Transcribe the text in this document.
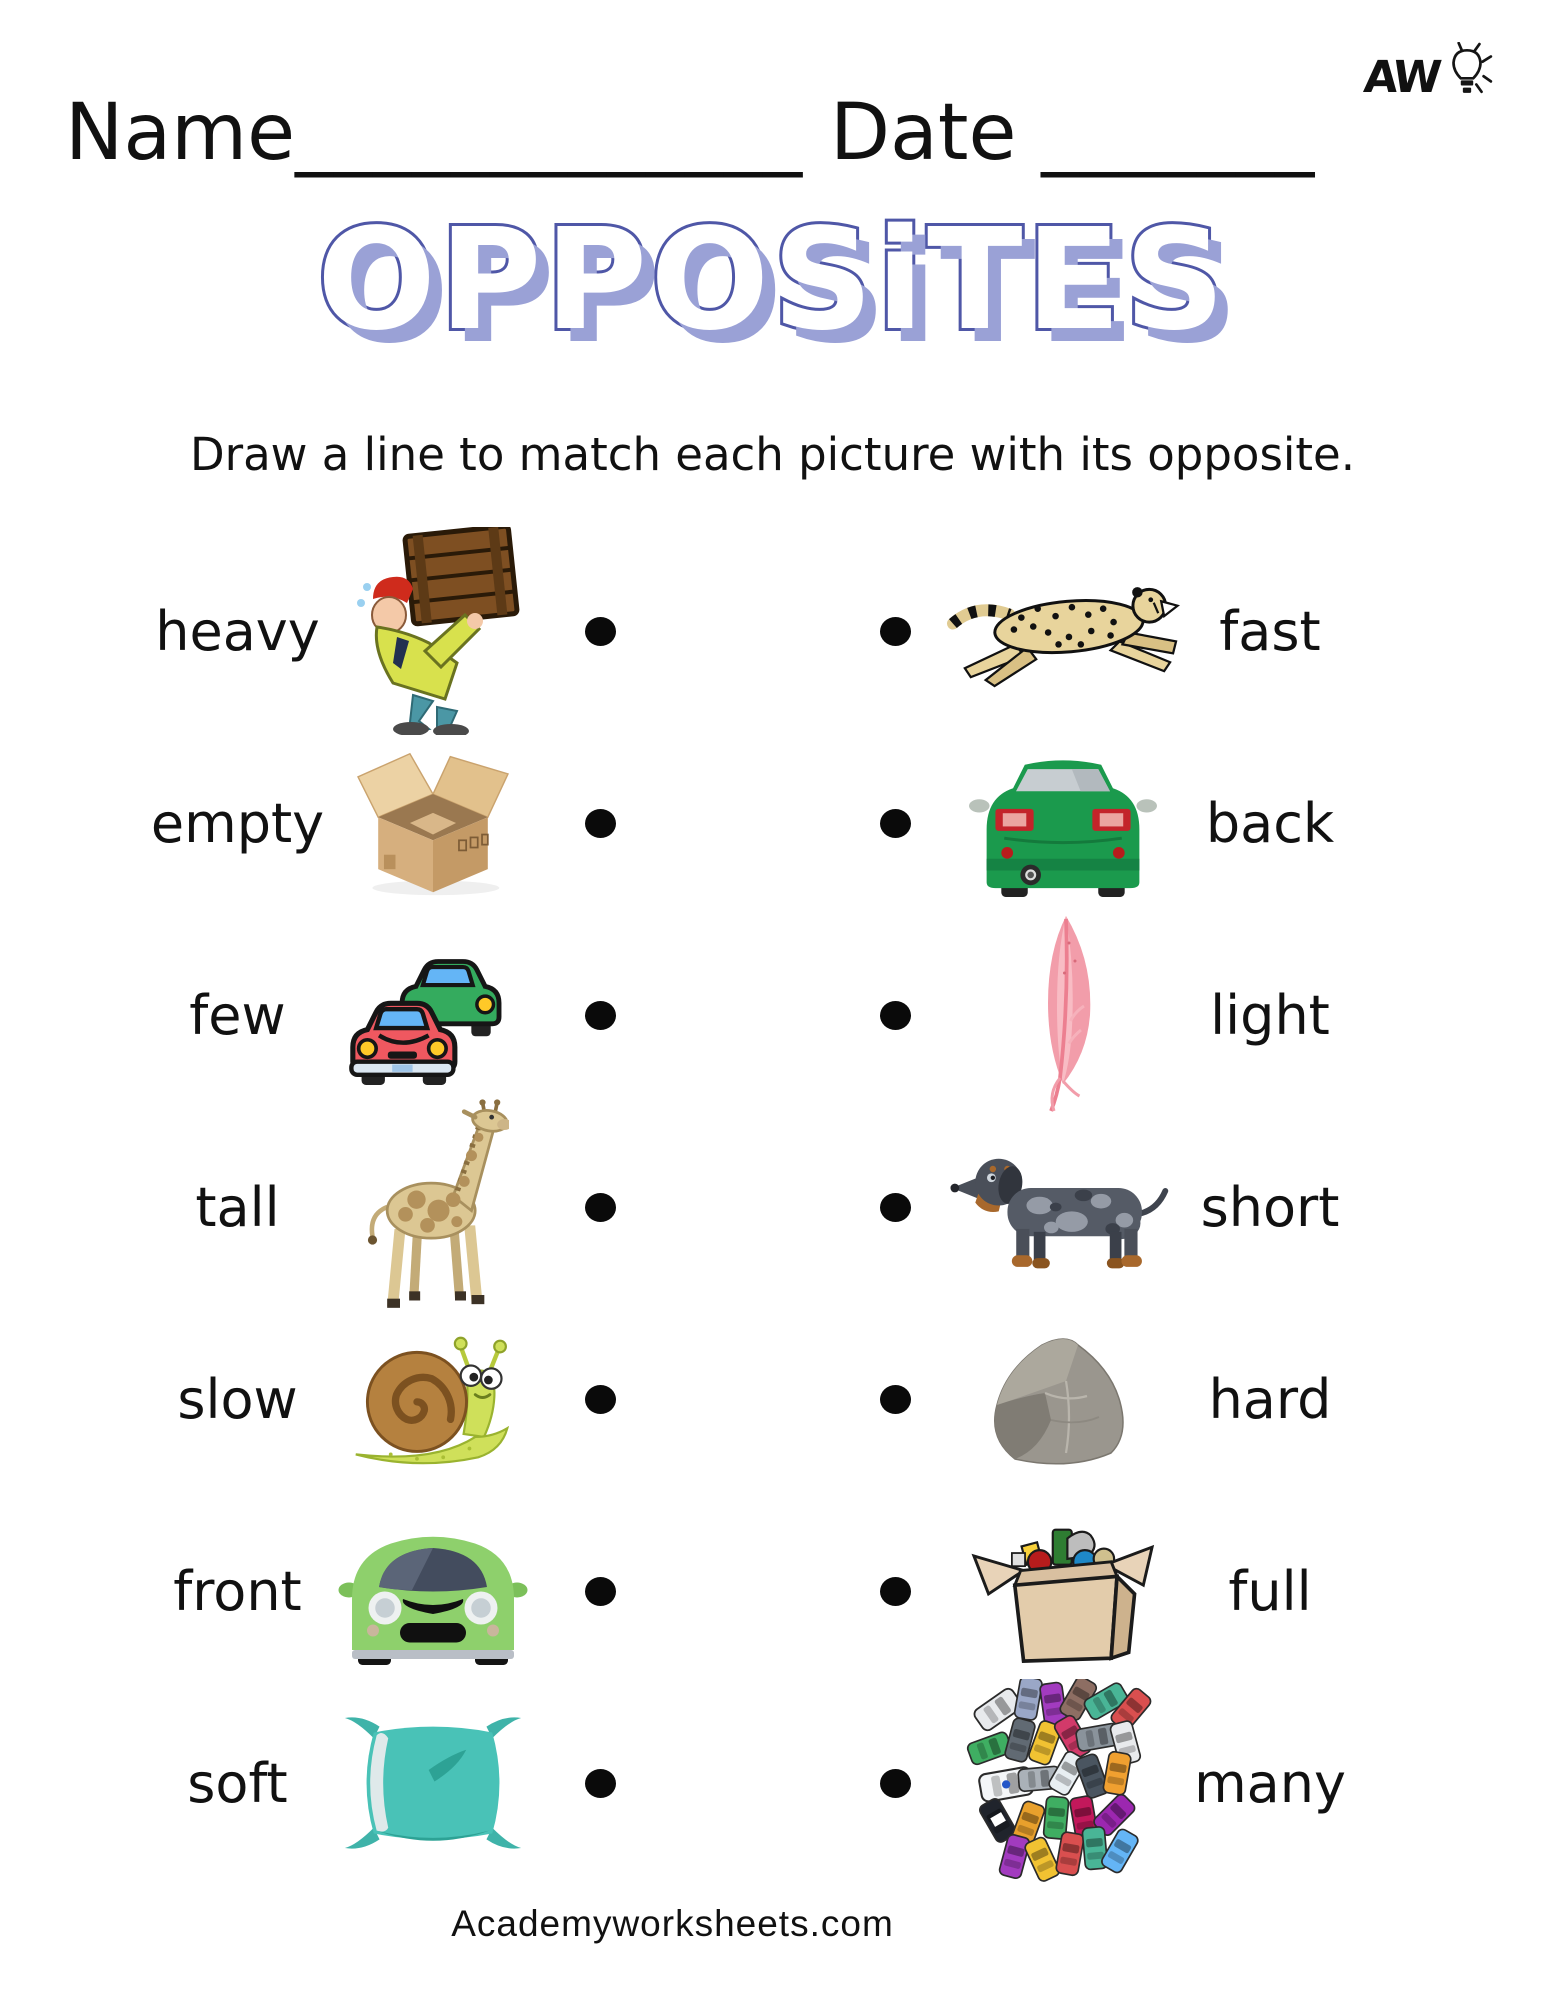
AW
Name_____________ Date _______
OPPOSiTES
Draw a line to match each picture with its opposite.
heavy	fast
empty	back
few	light
tall	short
slow	hard
front	full
soft	many
Academyworksheets.com
